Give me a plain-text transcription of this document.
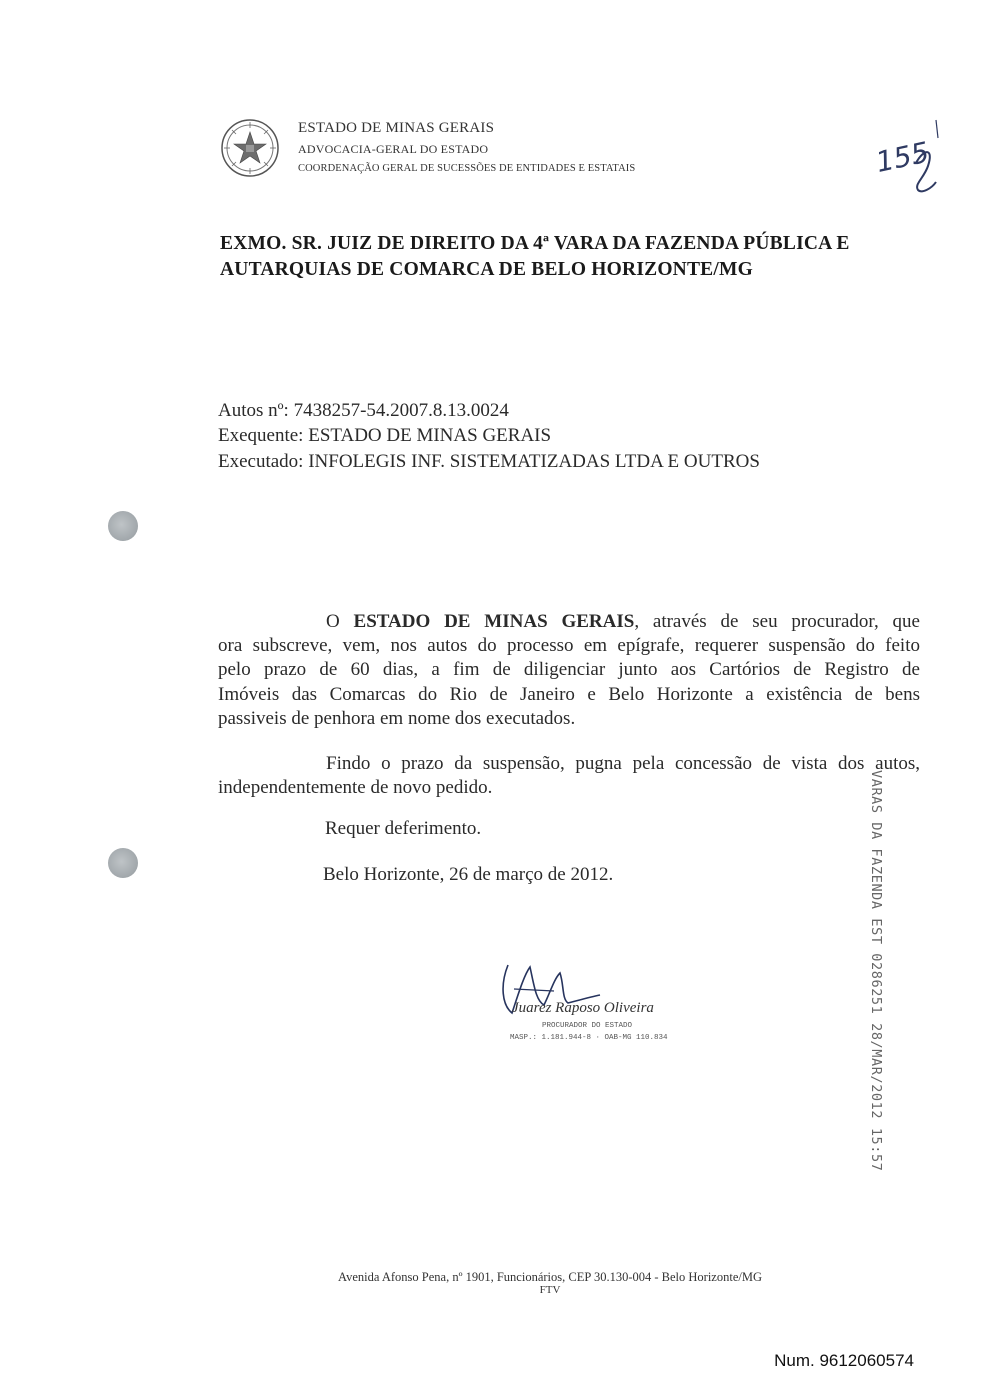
ESTADO DE MINAS GERAIS
ADVOCACIA-GERAL DO ESTADO
COORDENAÇÃO GERAL DE SUCESSÕES DE ENTIDADES E ESTATAIS	155
EXMO. SR. JUIZ DE DIREITO DA 4ª VARA DA FAZENDA PÚBLICA E
AUTARQUIAS DE COMARCA DE BELO HORIZONTE/MG
Autos nº: 7438257-54.2007.8.13.0024
Exequente: ESTADO DE MINAS GERAIS
Executado: INFOLEGIS INF. SISTEMATIZADAS LTDA E OUTROS
O ESTADO DE MINAS GERAIS, através de seu procurador, que
ora subscreve, vem, nos autos do processo em epígrafe, requerer suspensão do feito
pelo prazo de 60 dias, a fim de diligenciar junto aos Cartórios de Registro de
Imóveis das Comarcas do Rio de Janeiro e Belo Horizonte a existência de bens
passiveis de penhora em nome dos executados.
Findo o prazo da suspensão, pugna pela concessão de vista dos autos,
independentemente de novo pedido.
Requer deferimento.
Belo Horizonte, 26 de março de 2012.
Juarez Raposo Oliveira
PROCURADOR DO ESTADO
MASP.: 1.181.944-8 · OAB-MG 110.834	VARAS DA FAZENDA EST 0286251 28/MAR/2012 15:57
Avenida Afonso Pena, nº 1901, Funcionários, CEP 30.130-004 - Belo Horizonte/MG
FTV
Num. 9612060574
